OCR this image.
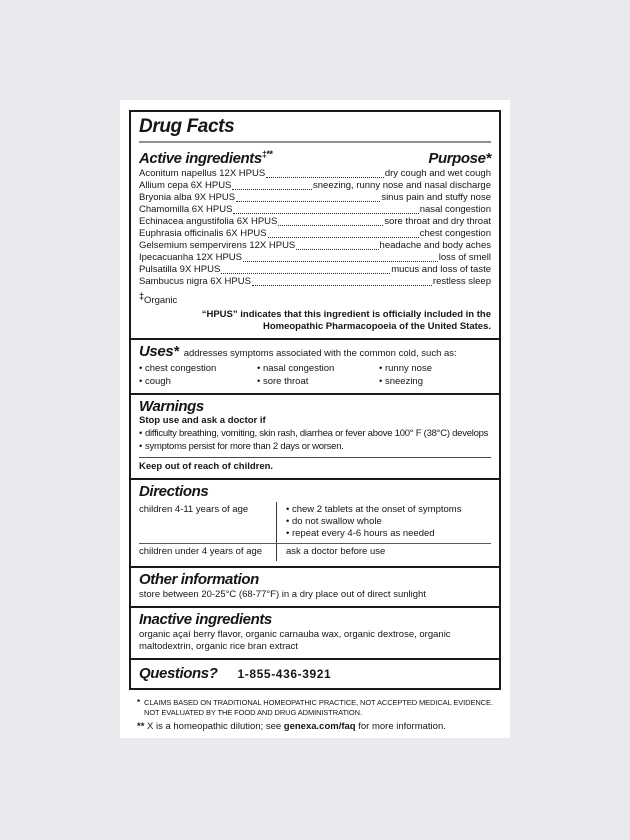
Drug Facts
Active ingredients‡**	Purpose*
Aconitum napellus 12X HPUS	dry cough and wet cough
Allium cepa 6X HPUS	sneezing, runny nose and nasal discharge
Bryonia alba 9X HPUS	sinus pain and stuffy nose
Chamomilla 6X HPUS	nasal congestion
Echinacea angustifolia 6X HPUS	sore throat and dry throat
Euphrasia officinalis 6X HPUS	chest congestion
Gelsemium sempervirens 12X HPUS	headache and body aches
Ipecacuanha 12X HPUS	loss of smell
Pulsatilla 9X HPUS	mucus and loss of taste
Sambucus nigra 6X HPUS	restless sleep
‡Organic
“HPUS” indicates that this ingredient is officially included in the
Homeopathic Pharmacopoeia of the United States.
Uses* addresses symptoms associated with the common cold, such as:
• chest congestion	• nasal congestion	• runny nose
• cough	• sore throat	• sneezing
Warnings
Stop use and ask a doctor if

• difficulty breathing, vomiting, skin rash, diarrhea or fever above 100° F (38°C) develops

• symptoms persist for more than 2 days or worsen.

Keep out of reach of children.
Directions
children 4-11 years of age	• chew 2 tablets at the onset of symptoms
• do not swallow whole
• repeat every 4-6 hours as needed
children under 4 years of age	ask a doctor before use
Other information
store between 20-25°C (68-77°F) in a dry place out of direct sunlight
Inactive ingredients
organic açaí berry flavor, organic carnauba wax, organic dextrose, organic maltodextrin, organic rice bran extract
Questions? 1-855-436-3921
* CLAIMS BASED ON TRADITIONAL HOMEOPATHIC PRACTICE, NOT ACCEPTED MEDICAL EVIDENCE.
NOT EVALUATED BY THE FOOD AND DRUG ADMINISTRATION.
** X is a homeopathic dilution; see genexa.com/faq for more information.
